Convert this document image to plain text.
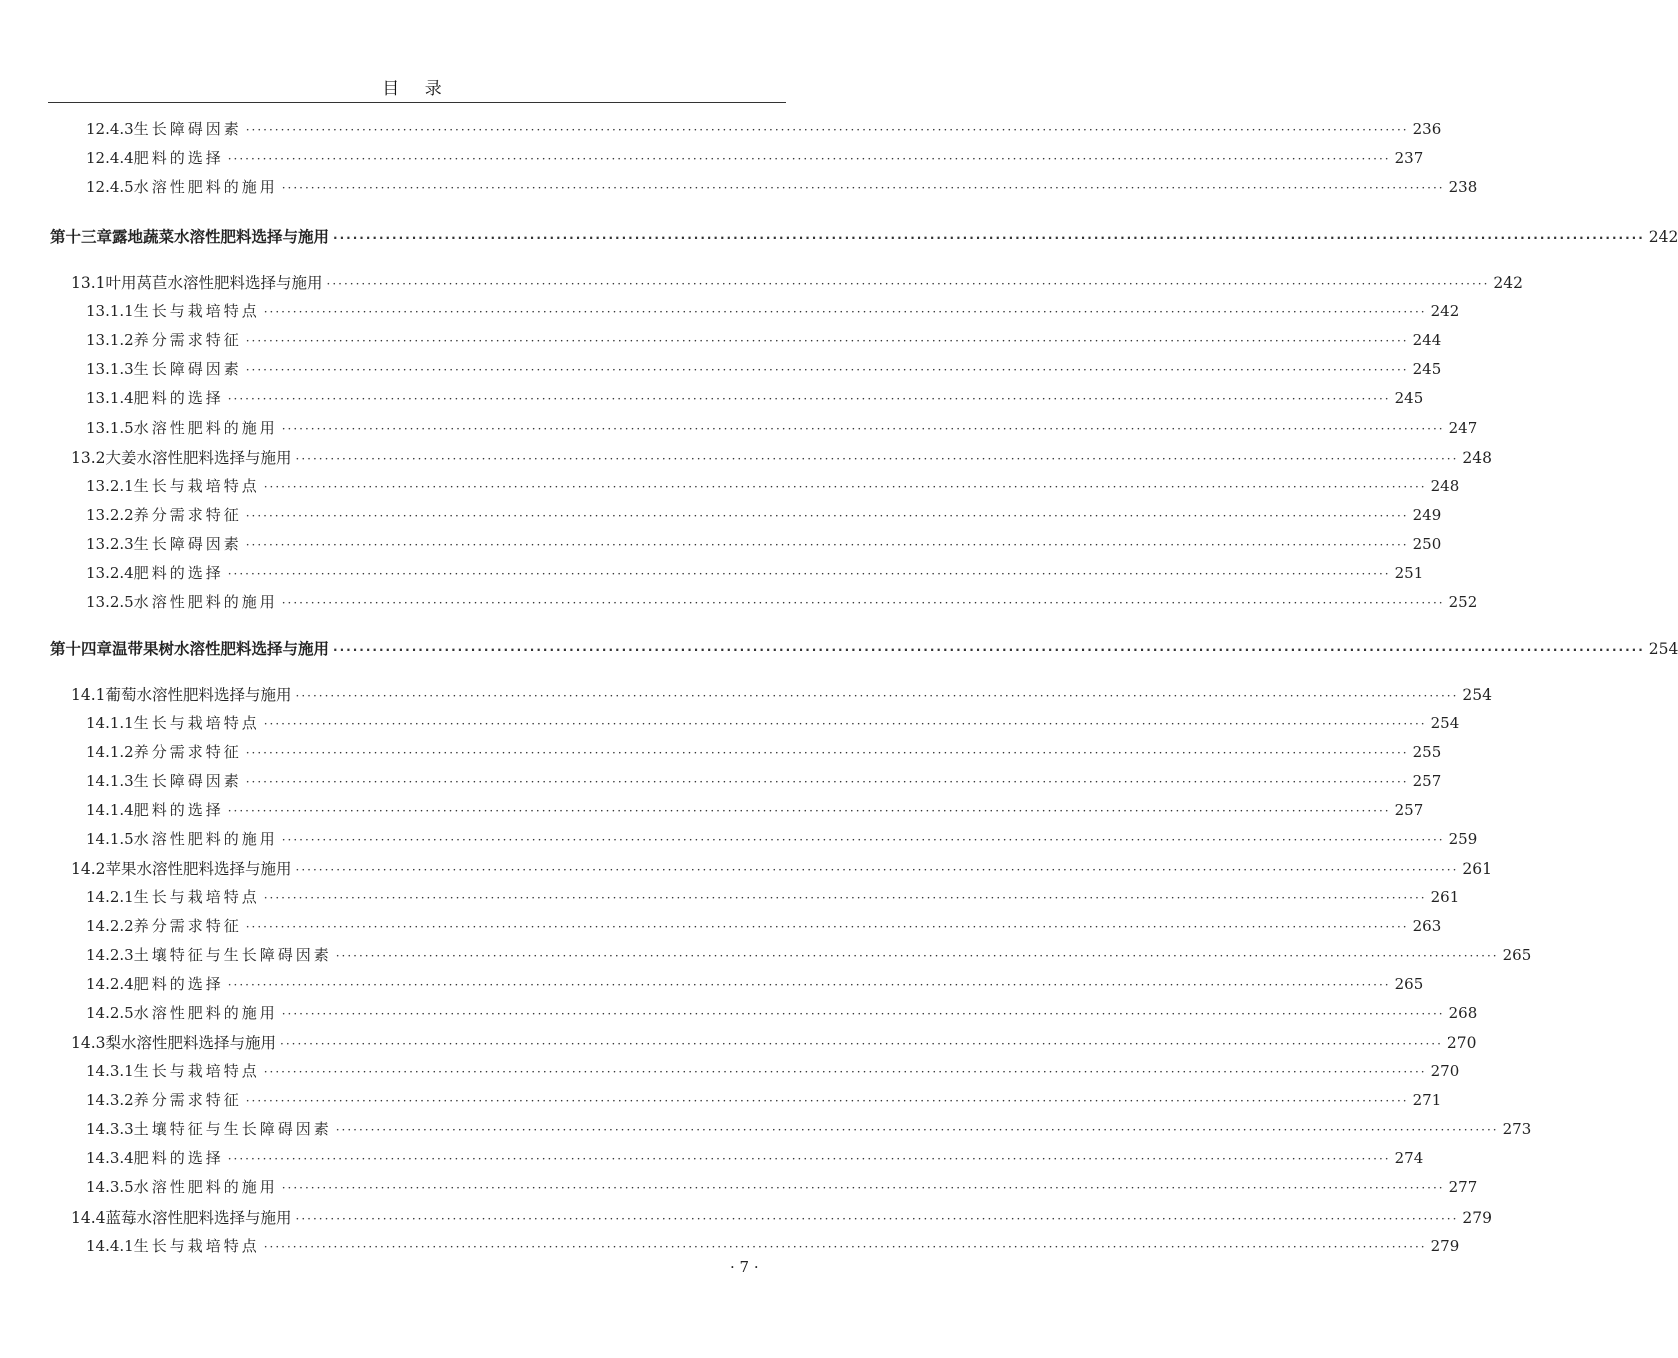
目 录
12.4.3 生长障碍因素 ········································································································································································································ 236
12.4.4 肥料的选择 ········································································································································································································ 237
12.4.5 水溶性肥料的施用 ········································································································································································································ 238
第十三章 露地蔬菜水溶性肥料选择与施用 ········································································································································································································ 242
13.1 叶用莴苣水溶性肥料选择与施用 ········································································································································································································ 242
13.1.1 生长与栽培特点 ········································································································································································································ 242
13.1.2 养分需求特征 ········································································································································································································ 244
13.1.3 生长障碍因素 ········································································································································································································ 245
13.1.4 肥料的选择 ········································································································································································································ 245
13.1.5 水溶性肥料的施用 ········································································································································································································ 247
13.2 大姜水溶性肥料选择与施用 ········································································································································································································ 248
13.2.1 生长与栽培特点 ········································································································································································································ 248
13.2.2 养分需求特征 ········································································································································································································ 249
13.2.3 生长障碍因素 ········································································································································································································ 250
13.2.4 肥料的选择 ········································································································································································································ 251
13.2.5 水溶性肥料的施用 ········································································································································································································ 252
第十四章 温带果树水溶性肥料选择与施用 ········································································································································································································ 254
14.1 葡萄水溶性肥料选择与施用 ········································································································································································································ 254
14.1.1 生长与栽培特点 ········································································································································································································ 254
14.1.2 养分需求特征 ········································································································································································································ 255
14.1.3 生长障碍因素 ········································································································································································································ 257
14.1.4 肥料的选择 ········································································································································································································ 257
14.1.5 水溶性肥料的施用 ········································································································································································································ 259
14.2 苹果水溶性肥料选择与施用 ········································································································································································································ 261
14.2.1 生长与栽培特点 ········································································································································································································ 261
14.2.2 养分需求特征 ········································································································································································································ 263
14.2.3 土壤特征与生长障碍因素 ········································································································································································································ 265
14.2.4 肥料的选择 ········································································································································································································ 265
14.2.5 水溶性肥料的施用 ········································································································································································································ 268
14.3 梨水溶性肥料选择与施用 ········································································································································································································ 270
14.3.1 生长与栽培特点 ········································································································································································································ 270
14.3.2 养分需求特征 ········································································································································································································ 271
14.3.3 土壤特征与生长障碍因素 ········································································································································································································ 273
14.3.4 肥料的选择 ········································································································································································································ 274
14.3.5 水溶性肥料的施用 ········································································································································································································ 277
14.4 蓝莓水溶性肥料选择与施用 ········································································································································································································ 279
14.4.1 生长与栽培特点 ········································································································································································································ 279
· 7 ·
